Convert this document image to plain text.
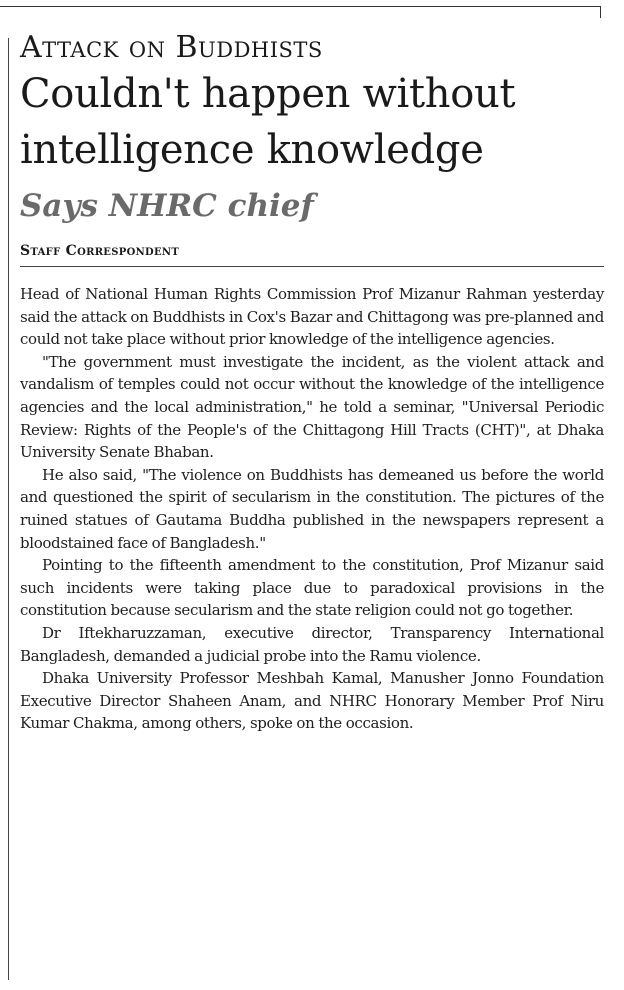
Attack on Buddhists
Couldn't happen without
intelligence knowledge
Says NHRC chief
Staff Correspondent

Head of National Human Rights Commission Prof Mizanur Rahman yesterday said the attack on Buddhists in Cox's Bazar and Chittagong was pre-planned and could not take place without prior knowledge of the intelligence agencies.

"The government must investigate the incident, as the violent attack and vandalism of temples could not occur without the knowledge of the intelligence agencies and the local administration," he told a seminar, "Universal Periodic Review: Rights of the People's of the Chittagong Hill Tracts (CHT)", at Dhaka University Senate Bhaban.

He also said, "The violence on Buddhists has demeaned us before the world and questioned the spirit of secularism in the constitution. The pictures of the ruined statues of Gautama Buddha published in the newspapers represent a bloodstained face of Bangladesh."

Pointing to the fifteenth amendment to the constitution, Prof Mizanur said such incidents were taking place due to paradoxical provisions in the constitution because secularism and the state religion could not go together.

Dr Iftekharuzzaman, executive director, Transparency International Bangladesh, demanded a judicial probe into the Ramu violence.

Dhaka University Professor Meshbah Kamal, Manusher Jonno Foundation Executive Director Shaheen Anam, and NHRC Honorary Member Prof Niru Kumar Chakma, among others, spoke on the occasion.
